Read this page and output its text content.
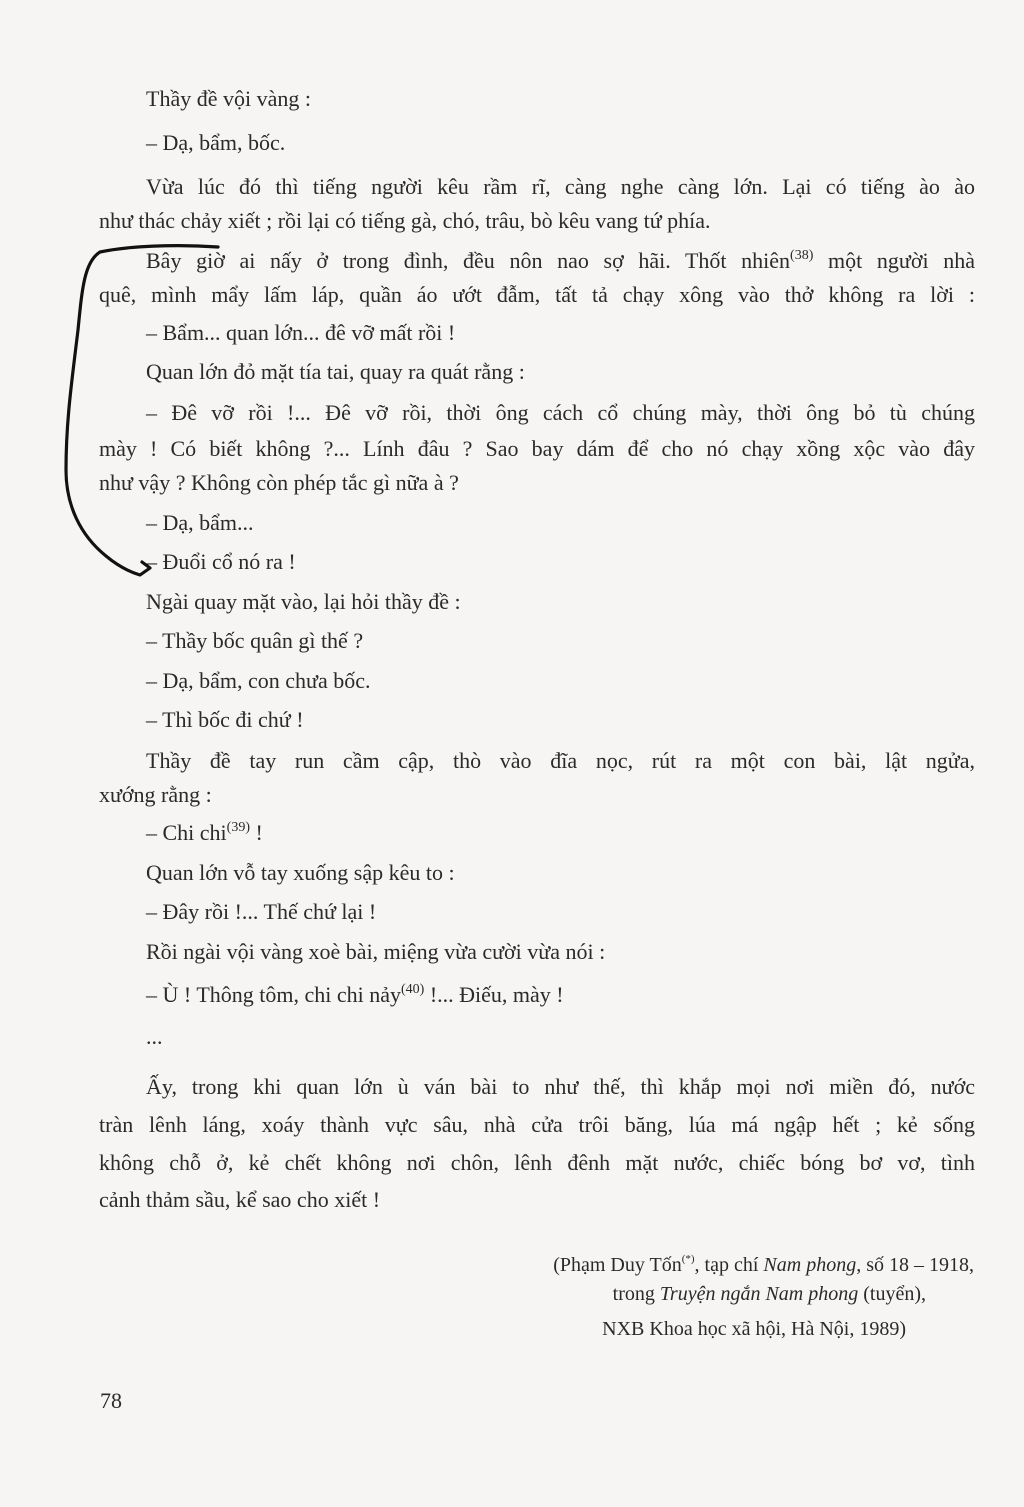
Thầy đề vội vàng :
– Dạ, bẩm, bốc.
Vừa lúc đó thì tiếng người kêu rầm rĩ, càng nghe càng lớn. Lại có tiếng ào ào
như thác chảy xiết ; rồi lại có tiếng gà, chó, trâu, bò kêu vang tứ phía.
Bây giờ ai nấy ở trong đình, đều nôn nao sợ hãi. Thốt nhiên$^{(38)}$ một người nhà
quê, mình mẩy lấm láp, quần áo ướt đẫm, tất tả chạy xông vào thở không ra lời :
– Bẩm... quan lớn... đê vỡ mất rồi !
Quan lớn đỏ mặt tía tai, quay ra quát rằng :
– Đê vỡ rồi !... Đê vỡ rồi, thời ông cách cổ chúng mày, thời ông bỏ tù chúng
mày ! Có biết không ?... Lính đâu ? Sao bay dám để cho nó chạy xồng xộc vào đây
như vậy ? Không còn phép tắc gì nữa à ?
– Dạ, bẩm...
– Đuổi cổ nó ra !
Ngài quay mặt vào, lại hỏi thầy đề :
– Thầy bốc quân gì thế ?
– Dạ, bẩm, con chưa bốc.
– Thì bốc đi chứ !
Thầy đề tay run cầm cập, thò vào đĩa nọc, rút ra một con bài, lật ngửa,
xướng rằng :
– Chi chi$^{(39)}$ !
Quan lớn vỗ tay xuống sập kêu to :
– Đây rồi !... Thế chứ lại !
Rồi ngài vội vàng xoè bài, miệng vừa cười vừa nói :
– Ù ! Thông tôm, chi chi nảy$^{(40)}$ !... Điếu, mày !
...
Ấy, trong khi quan lớn ù ván bài to như thế, thì khắp mọi nơi miền đó, nước
tràn lênh láng, xoáy thành vực sâu, nhà cửa trôi băng, lúa má ngập hết ; kẻ sống
không chỗ ở, kẻ chết không nơi chôn, lênh đênh mặt nước, chiếc bóng bơ vơ, tình
cảnh thảm sầu, kể sao cho xiết !
(Phạm Duy Tốn(*), tạp chí Nam phong, số 18 – 1918,
trong Truyện ngắn Nam phong (tuyển),
NXB Khoa học xã hội, Hà Nội, 1989)
78
